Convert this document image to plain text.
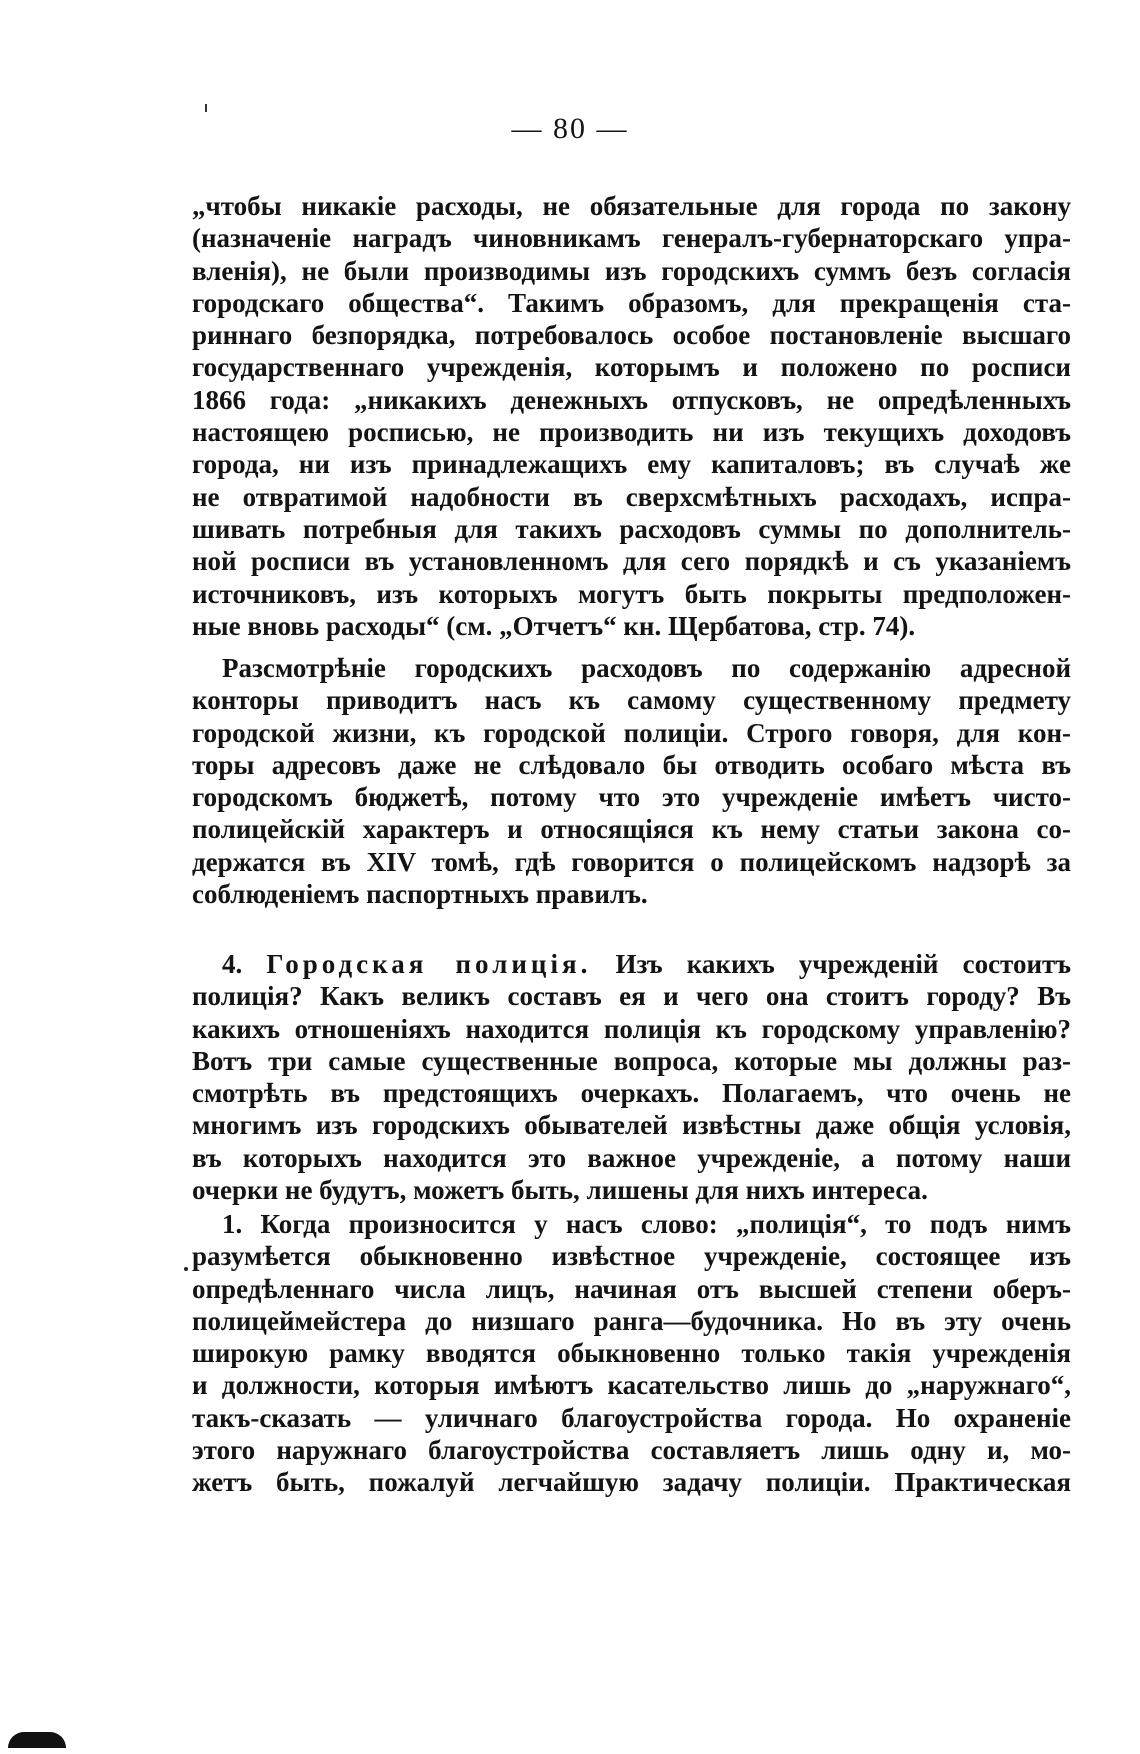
— 80 —
„чтобы никакіе расходы, не обязательные для города по закону
(назначеніе наградъ чиновникамъ генералъ-губернаторскаго упра-
вленія), не были производимы изъ городскихъ суммъ безъ согласія
городскаго общества“. Такимъ образомъ, для прекращенія ста-
риннаго безпорядка, потребовалось особое постановленіе высшаго
государственнаго учрежденія, которымъ и положено по росписи
1866 года: „никакихъ денежныхъ отпусковъ, не опредѣленныхъ
настоящею росписью, не производить ни изъ текущихъ доходовъ
города, ни изъ принадлежащихъ ему капиталовъ; въ случаѣ же
не отвратимой надобности въ сверхсмѣтныхъ расходахъ, испра-
шивать потребныя для такихъ расходовъ суммы по дополнитель-
ной росписи въ установленномъ для сего порядкѣ и съ указаніемъ
источниковъ, изъ которыхъ могутъ быть покрыты предположен-
ные вновь расходы“ (см. „Отчетъ“ кн. Щербатова, стр. 74).
Разсмотрѣніе городскихъ расходовъ по содержанію адресной
конторы приводитъ насъ къ самому существенному предмету
городской жизни, къ городской полиціи. Строго говоря, для кон-
торы адресовъ даже не слѣдовало бы отводить особаго мѣста въ
городскомъ бюджетѣ, потому что это учрежденіе имѣетъ чисто-
полицейскій характеръ и относящіяся къ нему статьи закона со-
держатся въ XIV томѣ, гдѣ говорится о полицейскомъ надзорѣ за
соблюденіемъ паспортныхъ правилъ.
4. Городская полиція. Изъ какихъ учрежденій состоитъ
полиція? Какъ великъ составъ ея и чего она стоитъ городу? Въ
какихъ отношеніяхъ находится полиція къ городскому управленію?
Вотъ три самые существенные вопроса, которые мы должны раз-
смотрѣть въ предстоящихъ очеркахъ. Полагаемъ, что очень не
многимъ изъ городскихъ обывателей извѣстны даже общія условія,
въ которыхъ находится это важное учрежденіе, а потому наши
очерки не будутъ, можетъ быть, лишены для нихъ интереса.
1. Когда произносится у насъ слово: „полиція“, то подъ нимъ
разумѣется обыкновенно извѣстное учрежденіе, состоящее изъ
опредѣленнаго числа лицъ, начиная отъ высшей степени оберъ-
полицеймейстера до низшаго ранга—будочника. Но въ эту очень
широкую рамку вводятся обыкновенно только такія учрежденія
и должности, которыя имѣютъ касательство лишь до „наружнаго“,
такъ-сказать — уличнаго благоустройства города. Но охраненіе
этого наружнаго благоустройства составляетъ лишь одну и, мо-
жетъ быть, пожалуй легчайшую задачу полиціи. Практическая
